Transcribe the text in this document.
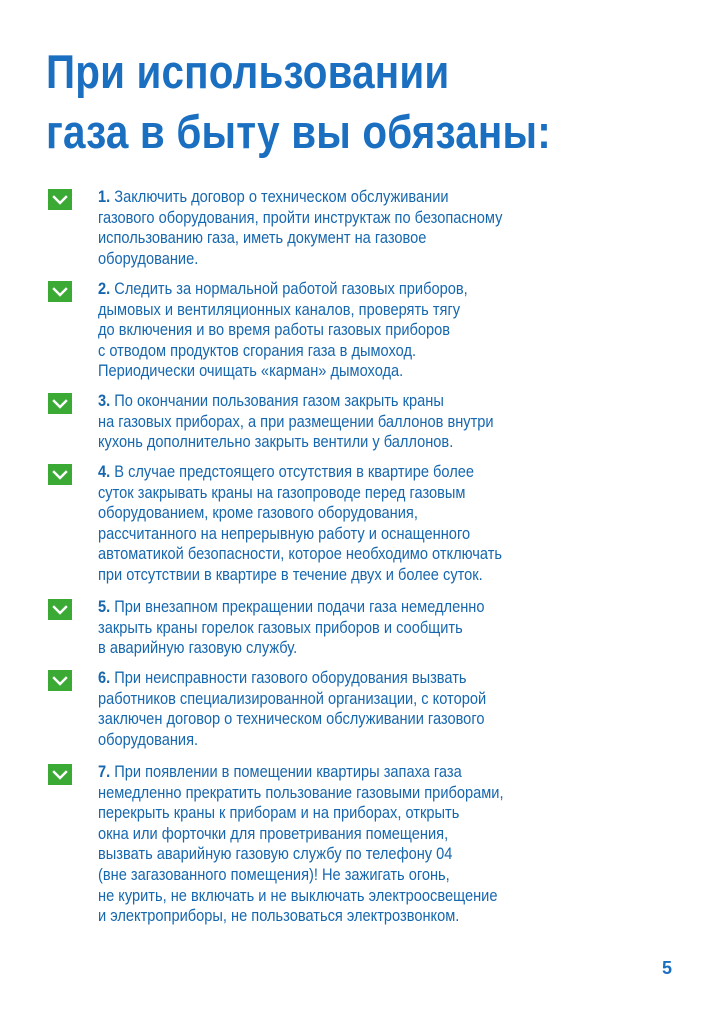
При использовании
газа в быту вы обязаны:
1. Заключить договор о техническом обслуживании
газового оборудования, пройти инструктаж по безопасному
использованию газа, иметь документ на газовое
оборудование.
2. Следить за нормальной работой газовых приборов,
дымовых и вентиляционных каналов, проверять тягу
до включения и во время работы газовых приборов
с отводом продуктов сгорания газа в дымоход.
Периодически очищать «карман» дымохода.
3. По окончании пользования газом закрыть краны
на газовых приборах, а при размещении баллонов внутри
кухонь дополнительно закрыть вентили у баллонов.
4. В случае предстоящего отсутствия в квартире более
суток закрывать краны на газопроводе перед газовым
оборудованием, кроме газового оборудования,
рассчитанного на непрерывную работу и оснащенного
автоматикой безопасности, которое необходимо отключать
при отсутствии в квартире в течение двух и более суток.
5. При внезапном прекращении подачи газа немедленно
закрыть краны горелок газовых приборов и сообщить
в аварийную газовую службу.
6. При неисправности газового оборудования вызвать
работников специализированной организации, с которой
заключен договор о техническом обслуживании газового
оборудования.
7. При появлении в помещении квартиры запаха газа
немедленно прекратить пользование газовыми приборами,
перекрыть краны к приборам и на приборах, открыть
окна или форточки для проветривания помещения,
вызвать аварийную газовую службу по телефону 04
(вне загазованного помещения)! Не зажигать огонь,
не курить, не включать и не выключать электроосвещение
и электроприборы, не пользоваться электрозвонком.
5
